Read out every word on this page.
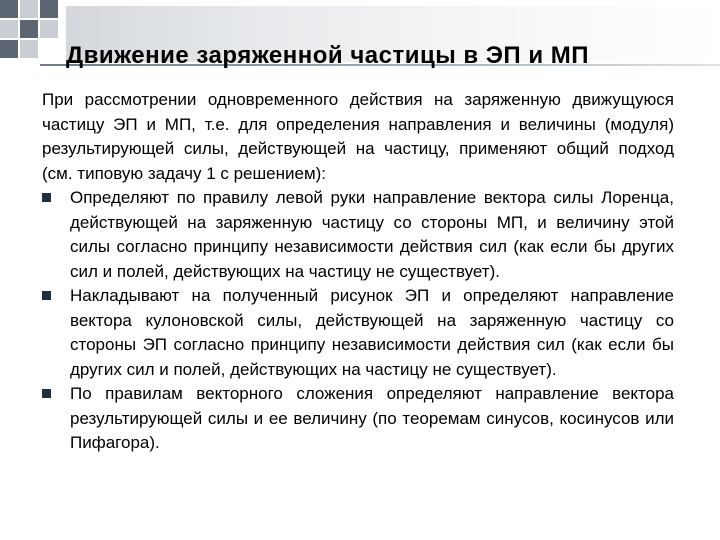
Движение заряженной частицы в ЭП и МП

При рассмотрении одновременного действия на заряженную движущуюся частицу ЭП и МП, т.е. для определения направления и величины (модуля) результирующей силы, действующей на частицу, применяют общий подход (см. типовую задачу 1 с решением):

Определяют по правилу левой руки направление вектора силы Лоренца, действующей на заряженную частицу со стороны МП, и величину этой силы согласно принципу независимости действия сил (как если бы других сил и полей, действующих на частицу не существует).
Накладывают на полученный рисунок ЭП и определяют направление вектора кулоновской силы, действующей на заряженную частицу со стороны ЭП согласно принципу независимости действия сил (как если бы других сил и полей, действующих на частицу не существует).
По правилам векторного сложения определяют направление вектора результирующей силы и ее величину (по теоремам синусов, косинусов или Пифагора).
